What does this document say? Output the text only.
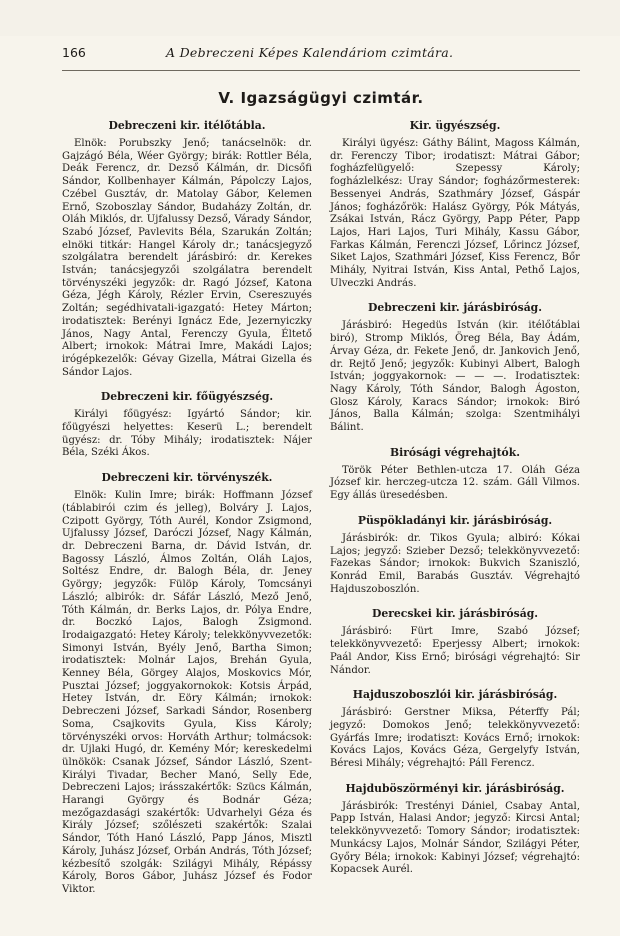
166	A Debreczeni Képes Kalendáriom czimtára.
V. Igazságügyi czimtár.
Debreczeni kir. itélőtábla.

Elnök: Porubszky Jenő; tanácselnök: dr. Gajzágó Béla, Wéer György; birák: Rottler Béla, Deák Ferencz, dr. Dezső Kálmán, dr. Dicsőfi Sándor, Kollbenhayer Kálmán, Pápolczy Lajos, Czébel Gusztáv, dr. Matolay Gábor, Kelemen Ernő, Szoboszlay Sándor, Budaházy Zoltán, dr. Oláh Miklós, dr. Ujfalussy Dezső, Várady Sándor, Szabó József, Pavlevits Béla, Szarukán Zoltán; elnöki titkár: Hangel Károly dr.; tanácsjegyző szolgálatra berendelt járásbiró: dr. Kerekes István; tanácsjegyzői szolgálatra berendelt törvényszéki jegyzők: dr. Ragó József, Katona Géza, Jégh Károly, Rézler Ervin, Csereszuyés Zoltán; segédhivatali-igazgató: Hetey Márton; irodatisztek: Berényi Ignácz Ede, Jezernyiczky János, Nagy Antal, Ferenczy Gyula, Éltető Albert; irnokok: Mátrai Imre, Makádi Lajos; irógépkezelők: Gévay Gizella, Mátrai Gizella és Sándor Lajos.

Debreczeni kir. főügyészség.

Királyi főügyész: Igyártó Sándor; kir. főügyészi helyettes: Keserü L.; berendelt ügyész: dr. Tóby Mihály; irodatisztek: Nájer Béla, Széki Ákos.

Debreczeni kir. törvényszék.

Elnök: Kulin Imre; birák: Hoffmann József (táblabirói czim és jelleg), Bolváry J. Lajos, Czipott György, Tóth Aurél, Kondor Zsigmond, Ujfalussy József, Daróczi József, Nagy Kálmán, dr. Debreczeni Barna, dr. Dávid István, dr. Bagossy László, Álmos Zoltán, Oláh Lajos, Soltész Endre, dr. Balogh Béla, dr. Jeney György; jegyzők: Fülöp Károly, Tomcsányi László; albirók: dr. Sáfár László, Mező Jenő, Tóth Kálmán, dr. Berks Lajos, dr. Pólya Endre, dr. Boczkó Lajos, Balogh Zsigmond. Irodaigazgató: Hetey Károly; telekkönyvvezetők: Simonyi István, Byély Jenő, Bartha Simon; irodatisztek: Molnár Lajos, Brehán Gyula, Kenney Béla, Görgey Alajos, Moskovics Mór, Pusztai József; joggyakornokok: Kotsis Árpád, Hetey István, dr. Eöry Kálmán; irnokok: Debreczeni József, Sarkadi Sándor, Rosenberg Soma, Csajkovits Gyula, Kiss Károly; törvényszéki orvos: Horváth Arthur; tolmácsok: dr. Ujlaki Hugó, dr. Kemény Mór; kereskedelmi ülnökök: Csanak József, Sándor László, Szent-Királyi Tivadar, Becher Manó, Selly Ede, Debreczeni Lajos; irásszakértők: Szücs Kálmán, Harangi György és Bodnár Géza; mezőgazdasági szakértők: Udvarhelyi Géza és Király József; szőlészeti szakértők: Szalai Sándor, Tóth Hanó László, Papp János, Misztl Károly, Juhász József, Orbán András, Tóth József; kézbesítő szolgák: Szilágyi Mihály, Répássy Károly, Boros Gábor, Juhász József és Fodor Viktor.

Kir. ügyészség.

Királyi ügyész: Gáthy Bálint, Magoss Kálmán, dr. Ferenczy Tibor; irodatiszt: Mátrai Gábor; fogházfelügyelő: Szepessy Károly; fogházlelkész: Uray Sándor; fogházőrmesterek: Bessenyei András, Szathmáry József, Gáspár János; fogházőrök: Halász György, Pók Mátyás, Zsákai István, Rácz György, Papp Péter, Papp Lajos, Hari Lajos, Turi Mihály, Kassu Gábor, Farkas Kálmán, Ferenczi József, Lőrincz József, Siket Lajos, Szathmári József, Kiss Ferencz, Bőr Mihály, Nyitrai István, Kiss Antal, Pethő Lajos, Ulveczki András.

Debreczeni kir. járásbiróság.

Járásbiró: Hegedüs István (kir. itélőtáblai biró), Stromp Miklós, Öreg Béla, Bay Ádám, Árvay Géza, dr. Fekete Jenő, dr. Jankovich Jenő, dr. Rejtő Jenő; jegyzők: Kubinyi Albert, Balogh István; joggyakornok: — — —. Irodatisztek: Nagy Károly, Tóth Sándor, Balogh Ágoston, Glosz Károly, Karacs Sándor; irnokok: Biró János, Balla Kálmán; szolga: Szentmihályi Bálint.

Birósági végrehajtók.

Török Péter Bethlen-utcza 17. Oláh Géza József kir. herczeg-utcza 12. szám. Gáll Vilmos. Egy állás üresedésben.

Püspökladányi kir. járásbiróság.

Járásbirók: dr. Tikos Gyula; albiró: Kókai Lajos; jegyző: Szieber Dezső; telekkönyvvezető: Fazekas Sándor; irnokok: Bukvich Szaniszló, Konrád Emil, Barabás Gusztáv. Végrehajtó Hajduszoboszlón.

Derecskei kir. járásbiróság.

Járásbiró: Fürt Imre, Szabó József; telekkönyvvezető: Eperjessy Albert; irnokok: Paál Andor, Kiss Ernő; birósági végrehajtó: Sir Nándor.

Hajduszoboszlói kir. járásbiróság.

Járásbiró: Gerstner Miksa, Péterffy Pál; jegyző: Domokos Jenő; telekkönyvvezető: Gyárfás Imre; irodatiszt: Kovács Ernő; irnokok: Kovács Lajos, Kovács Géza, Gergelyfy István, Béresi Mihály; végrehajtó: Páll Ferencz.

Hajduböszörményi kir. járásbiróság.

Járásbirók: Trestényi Dániel, Csabay Antal, Papp István, Halasi Andor; jegyző: Kircsi Antal; telekkönyvvezető: Tomory Sándor; irodatisztek: Munkácsy Lajos, Molnár Sándor, Szilágyi Péter, Győry Béla; irnokok: Kabinyi József; végrehajtó: Kopacsek Aurél.
